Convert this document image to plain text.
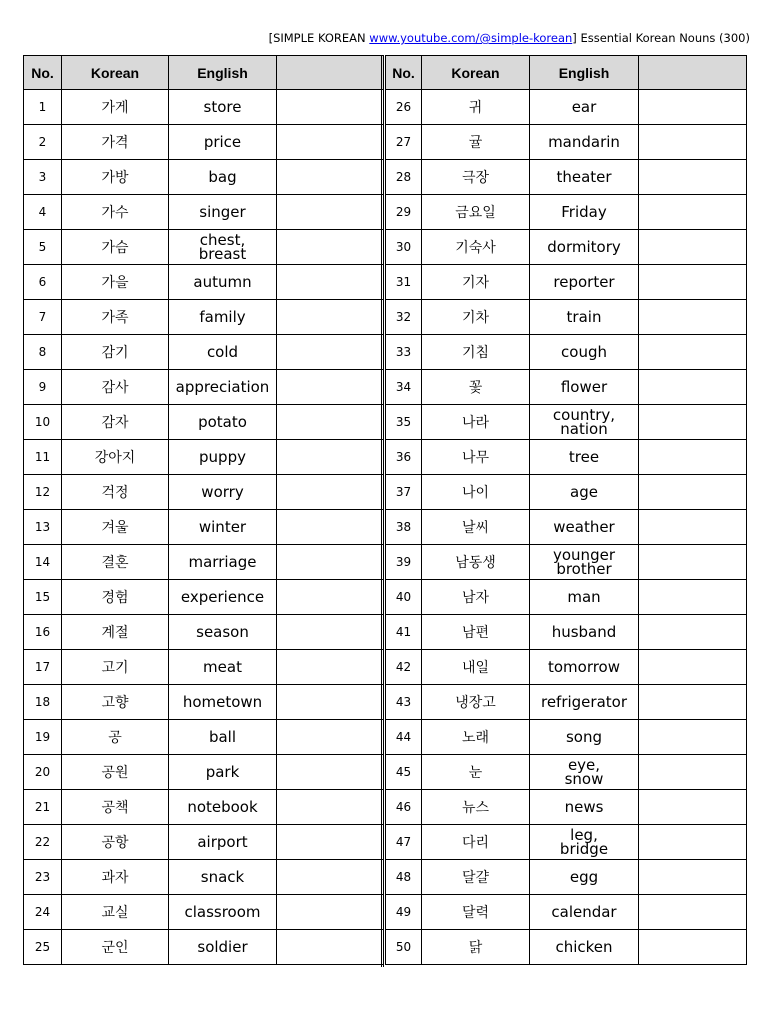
[SIMPLE KOREAN www.youtube.com/@simple-korean] Essential Korean Nouns (300)
No.	Korean	English	
1	가게	store	
2	가격	price	
3	가방	bag	
4	가수	singer	
5	가슴	chest,
breast	
6	가을	autumn	
7	가족	family	
8	감기	cold	
9	감사	appreciation	
10	감자	potato	
11	강아지	puppy	
12	걱정	worry	
13	겨울	winter	
14	결혼	marriage	
15	경험	experience	
16	계절	season	
17	고기	meat	
18	고향	hometown	
19	공	ball	
20	공원	park	
21	공책	notebook	
22	공항	airport	
23	과자	snack	
24	교실	classroom	
25	군인	soldier	
No.	Korean	English	
26	귀	ear	
27	귤	mandarin	
28	극장	theater	
29	금요일	Friday	
30	기숙사	dormitory	
31	기자	reporter	
32	기차	train	
33	기침	cough	
34	꽃	flower	
35	나라	country,
nation	
36	나무	tree	
37	나이	age	
38	날씨	weather	
39	남동생	younger
brother	
40	남자	man	
41	남편	husband	
42	내일	tomorrow	
43	냉장고	refrigerator	
44	노래	song	
45	눈	eye,
snow	
46	뉴스	news	
47	다리	leg,
bridge	
48	달걀	egg	
49	달력	calendar	
50	닭	chicken	
